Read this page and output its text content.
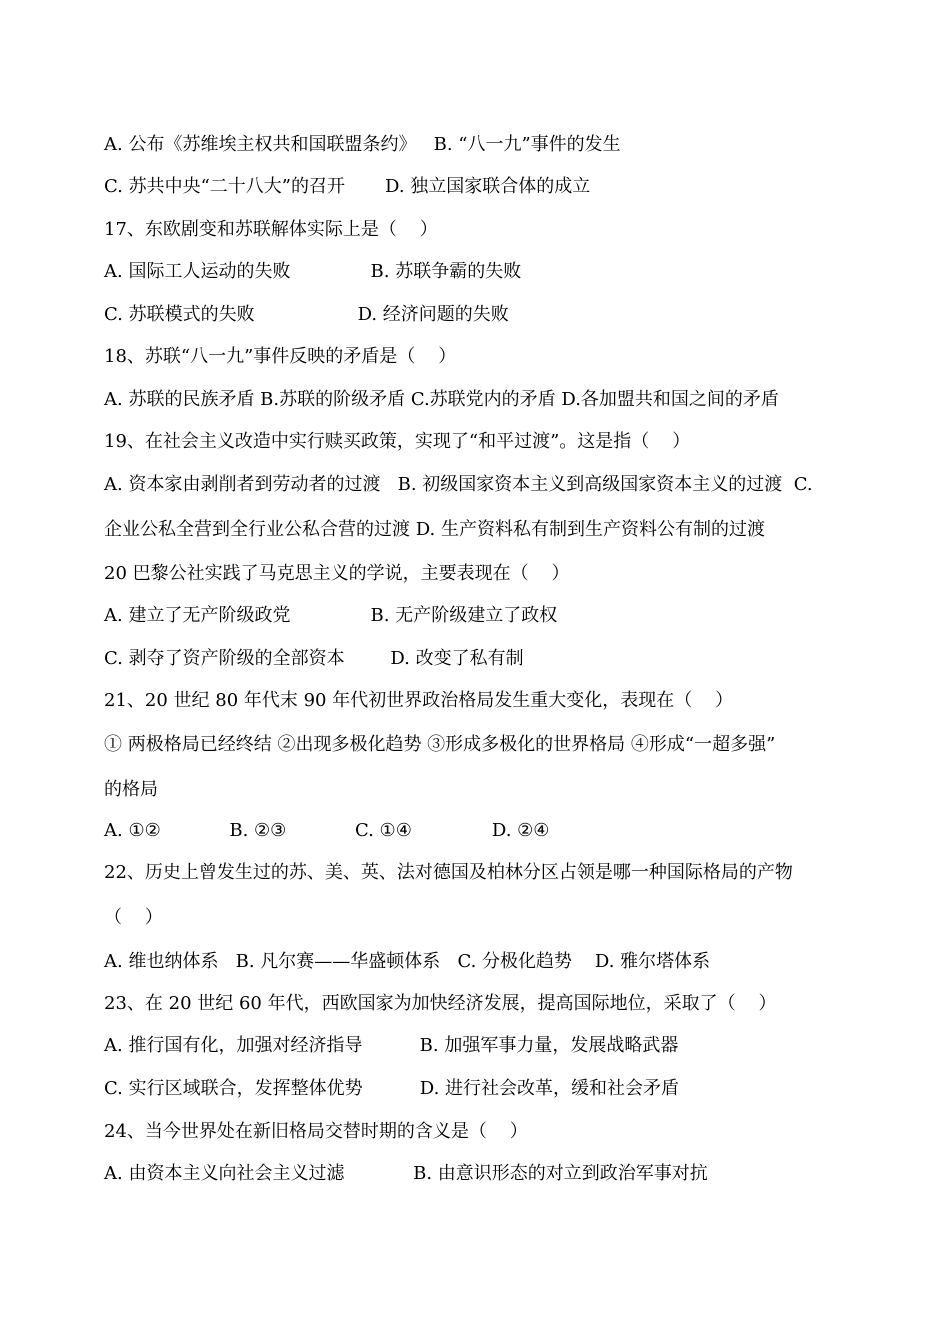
A. 公布《苏维埃主权共和国联盟条约》   B. “八一九”事件的发生
C. 苏共中央“二十八大”的召开       D. 独立国家联合体的成立
17、东欧剧变和苏联解体实际上是（    ）
A. 国际工人运动的失败              B. 苏联争霸的失败
C. 苏联模式的失败                  D. 经济问题的失败
18、苏联“八一九”事件反映的矛盾是（    ）
A. 苏联的民族矛盾 B.苏联的阶级矛盾 C.苏联党内的矛盾 D.各加盟共和国之间的矛盾
19、在社会主义改造中实行赎买政策，实现了“和平过渡”。这是指（    ）
A. 资本家由剥削者到劳动者的过渡   B. 初级国家资本主义到高级国家资本主义的过渡  C.
企业公私全营到全行业公私合营的过渡 D. 生产资料私有制到生产资料公有制的过渡
20 巴黎公社实践了马克思主义的学说，主要表现在（    ）
A. 建立了无产阶级政党              B. 无产阶级建立了政权
C. 剥夺了资产阶级的全部资本        D. 改变了私有制
21、20 世纪 80 年代末 90 年代初世界政治格局发生重大变化，表现在（    ）
① 两极格局已经终结 ②出现多极化趋势 ③形成多极化的世界格局 ④形成“一超多强”
的格局
A. ①②            B. ②③            C. ①④              D. ②④
22、历史上曾发生过的苏、美、英、法对德国及柏林分区占领是哪一种国际格局的产物
（    ）
A. 维也纳体系   B. 凡尔赛——华盛顿体系   C. 分极化趋势    D. 雅尔塔体系
23、在 20 世纪 60 年代，西欧国家为加快经济发展，提高国际地位，采取了（    ）
A. 推行国有化，加强对经济指导          B. 加强军事力量，发展战略武器
C. 实行区域联合，发挥整体优势          D. 进行社会改革，缓和社会矛盾
24、当今世界处在新旧格局交替时期的含义是（    ）
A. 由资本主义向社会主义过滤            B. 由意识形态的对立到政治军事对抗
